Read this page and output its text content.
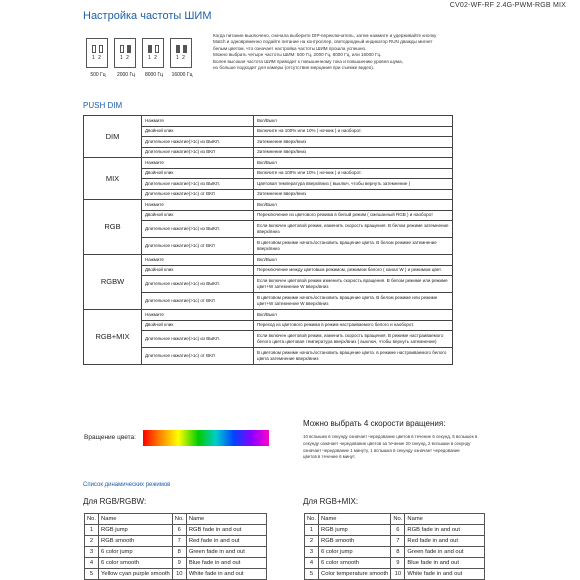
CV02-WF-RF 2.4G-PWM-RGB MIX
Настройка частоты ШИМ
1 2
500 Гц
1 2
2000 Гц
1 2
8000 Гц
1 2
16000 Гц
Когда питание выключено, сначала выберите DIP-переключатель, затем нажмите и удерживайте кнопку
Match и одновременно подайте питание на контроллер, светодиодный индикатор RUN дважды мигнет
белым цветом, что означает настройка частоты ШИМ прошла успешно.
Можно выбрать четыре частоты ШИМ: 500 Гц, 2000 Гц, 8000 Гц, или 16000 Гц.
Более высокая частота ШИМ приводит к повышенному тока и повышению уровня шума,
но больше подходит для камеры (отсутствие мерцания при съемке видео).
PUSH DIM
DIM	Нажмите	Вкл/Выкл
	Двойной клик	Включите на 100% или 10% ( ночник ) и наоборот.
	Длительное нажатие(>1с) из ВЫКЛ.	Затемнение вверх/вниз
	Длительное нажатие(>1с) из ВКЛ	Затемнение вверх/вниз
MIX	Нажмите	Вкл/Выкл
	Двойной клик	Включите на 100% или 10% ( ночник ) и наоборот.
	Длительное нажатие(>1с) из ВЫКЛ.	Цветовая температура вверх/вниз ( выключ, чтобы вернуть затемнение )
	Длительное нажатие(>1с) от ВКЛ	Затемнение вверх/вниз
RGB	Нажмите	Вкл/Выкл
	Двойной клик	Переключение из цветового режима в белый режим ( смешанный RGB ) и наоборот
	Длительное нажатие(>1с) из ВЫКЛ.	Если включен цветовой режим, изменить скорость вращения. В белом режиме затемнение вверх/вниз
	Длительное нажатие(>1с) от ВКЛ	В цветовом режиме начать/остановить вращение цвета. В белом режиме затемнение вверх/вниз
RGBW	Нажмите	Вкл/Выкл
	Двойной клик	Переключение между цветовым режимом, режимом белого ( канал W ) и режимом цвет.
	Длительное нажатие(>1с) из ВЫКЛ.	Если включен цветовой режим изменить скорость вращения. В белом режиме или режиме цвет+W затемнение W вверх/вниз
	Длительное нажатие(>1с) от ВКЛ	В цветовом режиме начать/остановить вращение цвета. В белом режиме или режиме цвет+W затемнение W вверх/вниз
RGB+MIX	Нажмите	Вкл/Выкл
	Двойной клик	Переход из цветового режима в режим настраиваемого белого и наоборот.
	Длительное нажатие(>1с) из ВЫКЛ.	Если включен цветовой режим, изменить скорость вращения. В режиме настраиваемого белого цвета цветовая температура вверх/вниз ( выключ, чтобы вернуть затемнение)
	Длительное нажатие(>1с) от ВКЛ	В цветовом режиме начать/остановить вращение цвета. в режиме настраиваемого белого цвета затемнение вверх/вниз
Можно выбрать 4 скорости вращения:
10 вспышек в секунду означает чередование цветов в течение 6 секунд, 5 вспышек в
секунду означает чередование цветов за течение 20 секунд, 2 вспышки в секунду
означает чередование 1 минуту, 1 вспышка в секунду означает чередование
цветов в течение 6 минут.
Вращение цвета:
Список динамических режимов
Для RGB/RGBW:	Для RGB+MIX:
No.	Name	No.	Name
1	RGB jump	6	RGB fade in and out
2	RGB smooth	7	Red fade in and out
3	6 color jump	8	Green fade in and out
4	6 color smooth	9	Blue fade in and out
5	Yellow cyan purple smooth	10	White fade in and out
No.	Name	No.	Name
1	RGB jump	6	RGB fade in and out
2	RGB smooth	7	Red fade in and out
3	6 color jump	8	Green fade in and out
4	6 color smooth	9	Blue fade in and out
5	Color temperature smooth	10	White fade in and out
